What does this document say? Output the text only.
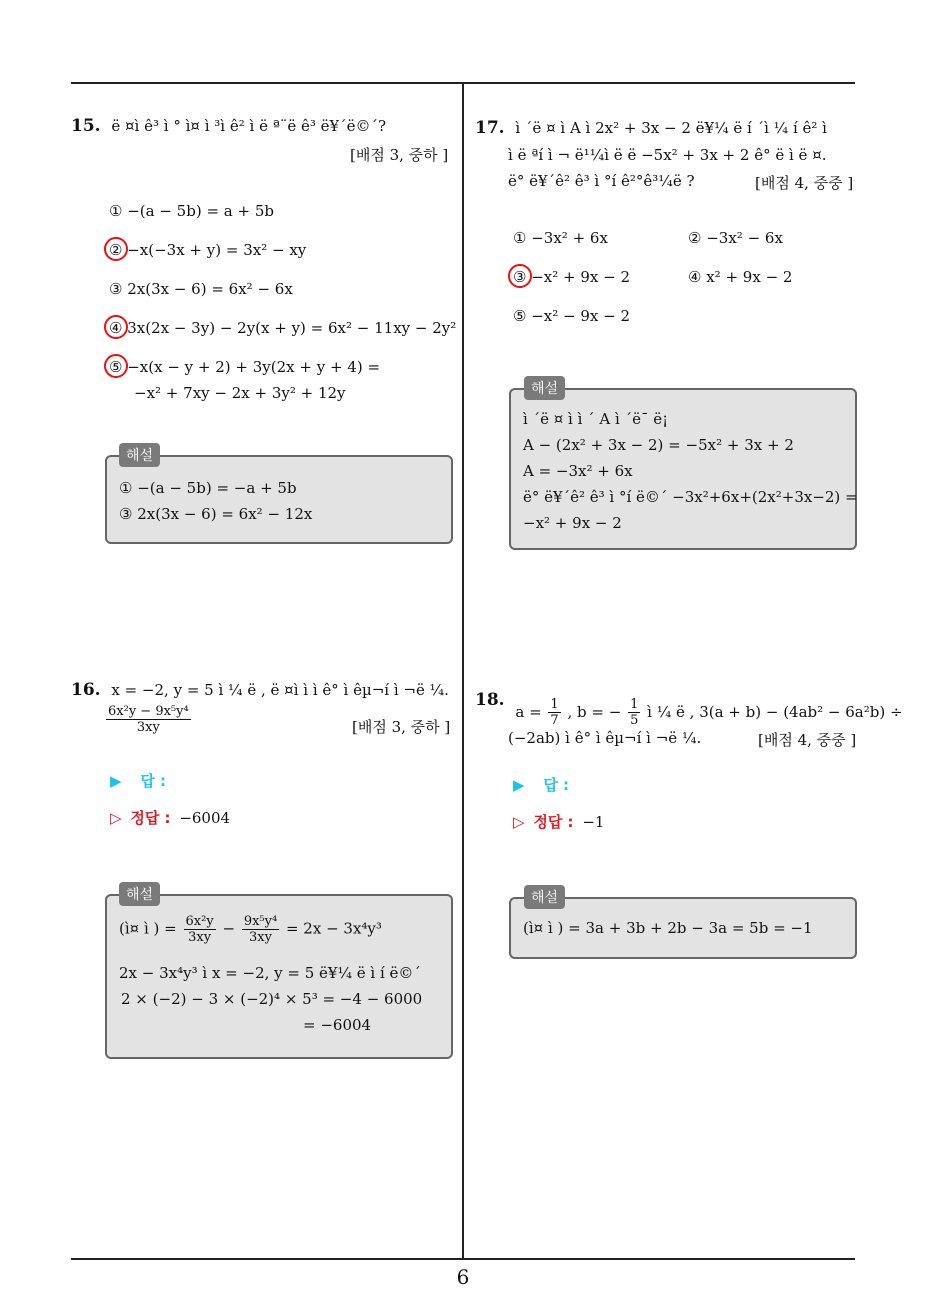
15. ë ¤ì ê³ ì ° ì¤ ì ³ì ê² ì ë ª¨ë ê³ ë¥´ë©´?
[배점 3, 중하 ]
① −(a − 5b) = a + 5b
② −x(−3x + y) = 3x² − xy
③ 2x(3x − 6) = 6x² − 6x
④ 3x(2x − 3y) − 2y(x + y) = 6x² − 11xy − 2y²
⑤ −x(x − y + 2) + 3y(2x + y + 4) =
−x² + 7xy − 2x + 3y² + 12y
① −(a − 5b) = −a + 5b
③ 2x(3x − 6) = 6x² − 12x
해설
17. ì ´ë ¤ ì A ì 2x² + 3x − 2 ë¥¼ ë í ´ì ¼ í ê² ì
ì ë ªí ì ¬ ë¹¼ì ë ë −5x² + 3x + 2 ê° ë ì ë ¤.
ë° ë¥´ê² ê³ ì °í ê²°ê³¼ë ?	[배점 4, 중중 ]
① −3x² + 6x	② −3x² − 6x
③ −x² + 9x − 2	④ x² + 9x − 2
⑤ −x² − 9x − 2
ì ´ë ¤ ì ì ´ A ì ´ë¯ ë¡
A − (2x² + 3x − 2) = −5x² + 3x + 2
A = −3x² + 6x
ë° ë¥´ê² ê³ ì °í ë©´ −3x²+6x+(2x²+3x−2) =
−x² + 9x − 2
해설
16. x = −2, y = 5 ì ¼ ë , ë ¤ì ì ì ê° ì êµ¬í ì ¬ë ¼.
$\frac{\text{6x²y − 9x⁵y⁴}}{3xy}$	[배점 3, 중하 ]
▶ 답 :
▷ 정답 : −6004
(ì¤ ì ) = $\frac{\text{6x²y}}{3xy} - \frac{\text{9x⁵y⁴}}{3xy} = 2x - 3x^4y^3$
2x − 3x⁴y³ ì x = −2, y = 5 ë¥¼ ë ì í ë©´
2 × (−2) − 3 × (−2)⁴ × 5³ = −4 − 6000
= −6004
해설
18. $a = \frac{1}{7}$ , b = − $\frac{1}{5}$ ì ¼ ë , 3(a + b) − (4ab² − 6a²b) ÷
(−2ab) ì ê° ì êµ¬í ì ¬ë ¼.	[배점 4, 중중 ]
▶ 답 :
▷ 정답 : −1
(ì¤ ì ) = 3a + 3b + 2b − 3a = 5b = −1
해설
6
